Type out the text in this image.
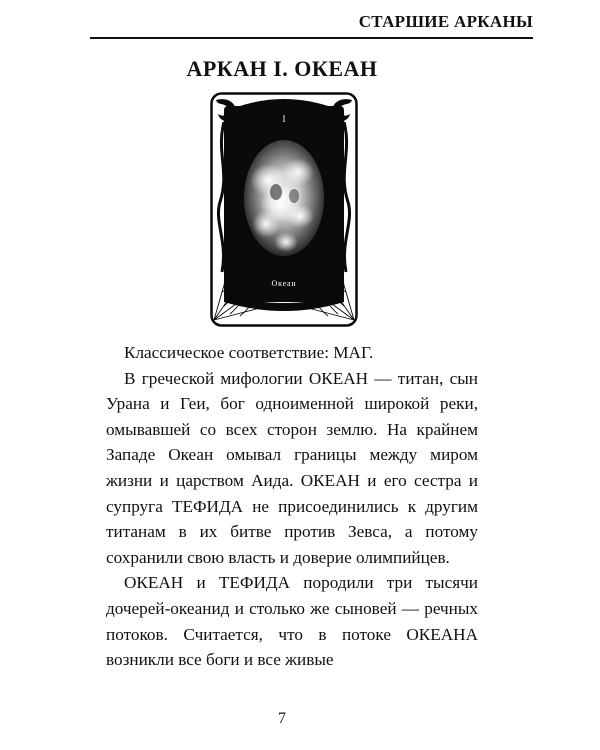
СТАРШИЕ АРКАНЫ
АРКАН I. ОКЕАН
I
Океан

Классическое соответствие: МАГ.

В греческой мифологии ОКЕАН — титан, сын Урана и Геи, бог одноименной широкой реки, омывавшей со всех сторон землю. На крайнем Западе Океан омывал границы между миром жизни и царством Аида. ОКЕАН и его сестра и супруга ТЕФИДА не присоединились к другим титанам в их битве против Зевса, а потому сохранили свою власть и доверие олимпийцев.

ОКЕАН и ТЕФИДА породили три тысячи дочерей-океанид и столько же сыновей — речных потоков. Считается, что в потоке ОКЕАНА возникли все боги и все живые

7
